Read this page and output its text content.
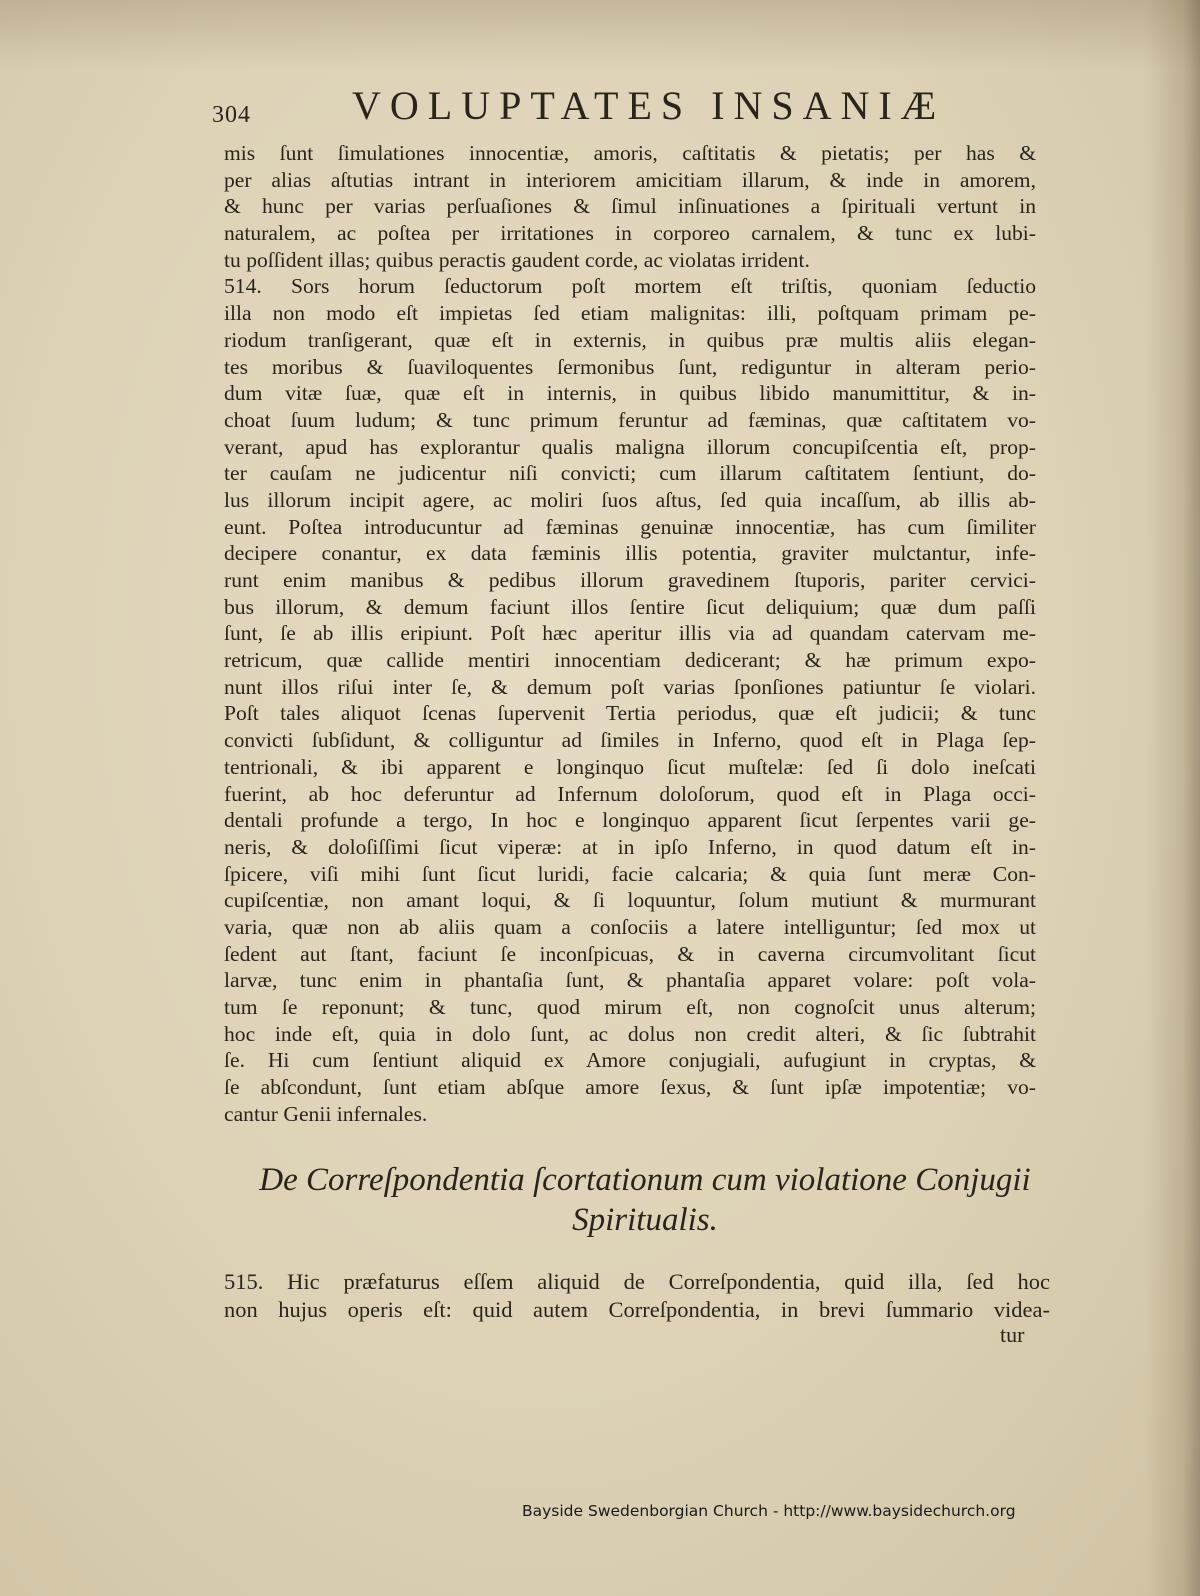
304	VOLUPTATES INSANIÆ
mis ſunt ſimulationes innocentiæ, amoris, caſtitatis & pietatis; per has &
per alias aſtutias intrant in interiorem amicitiam illarum, & inde in amorem,
& hunc per varias perſuaſiones & ſimul inſinuationes a ſpirituali vertunt in
naturalem, ac poſtea per irritationes in corporeo carnalem, & tunc ex lubi-
tu poſſident illas; quibus peractis gaudent corde, ac violatas irrident.
514. Sors horum ſeductorum poſt mortem eſt triſtis, quoniam ſeductio
illa non modo eſt impietas ſed etiam malignitas: illi, poſtquam primam pe-
riodum tranſigerant, quæ eſt in externis, in quibus præ multis aliis elegan-
tes moribus & ſuaviloquentes ſermonibus ſunt, rediguntur in alteram perio-
dum vitæ ſuæ, quæ eſt in internis, in quibus libido manumittitur, & in-
choat ſuum ludum; & tunc primum feruntur ad fæminas, quæ caſtitatem vo-
verant, apud has explorantur qualis maligna illorum concupiſcentia eſt, prop-
ter cauſam ne judicentur niſi convicti; cum illarum caſtitatem ſentiunt, do-
lus illorum incipit agere, ac moliri ſuos aſtus, ſed quia incaſſum, ab illis ab-
eunt. Poſtea introducuntur ad fæminas genuinæ innocentiæ, has cum ſimiliter
decipere conantur, ex data fæminis illis potentia, graviter mulctantur, infe-
runt enim manibus & pedibus illorum gravedinem ſtuporis, pariter cervici-
bus illorum, & demum faciunt illos ſentire ſicut deliquium; quæ dum paſſi
ſunt, ſe ab illis eripiunt. Poſt hæc aperitur illis via ad quandam catervam me-
retricum, quæ callide mentiri innocentiam dedicerant; & hæ primum expo-
nunt illos riſui inter ſe, & demum poſt varias ſponſiones patiuntur ſe violari.
Poſt tales aliquot ſcenas ſupervenit Tertia periodus, quæ eſt judicii; & tunc
convicti ſubſidunt, & colliguntur ad ſimiles in Inferno, quod eſt in Plaga ſep-
tentrionali, & ibi apparent e longinquo ſicut muſtelæ: ſed ſi dolo ineſcati
fuerint, ab hoc deferuntur ad Infernum doloſorum, quod eſt in Plaga occi-
dentali profunde a tergo, In hoc e longinquo apparent ſicut ſerpentes varii ge-
neris, & doloſiſſimi ſicut viperæ: at in ipſo Inferno, in quod datum eſt in-
ſpicere, viſi mihi ſunt ſicut luridi, facie calcaria; & quia ſunt meræ Con-
cupiſcentiæ, non amant loqui, & ſi loquuntur, ſolum mutiunt & murmurant
varia, quæ non ab aliis quam a conſociis a latere intelliguntur; ſed mox ut
ſedent aut ſtant, faciunt ſe inconſpicuas, & in caverna circumvolitant ſicut
larvæ, tunc enim in phantaſia ſunt, & phantaſia apparet volare: poſt vola-
tum ſe reponunt; & tunc, quod mirum eſt, non cognoſcit unus alterum;
hoc inde eſt, quia in dolo ſunt, ac dolus non credit alteri, & ſic ſubtrahit
ſe. Hi cum ſentiunt aliquid ex Amore conjugiali, aufugiunt in cryptas, &
ſe abſcondunt, ſunt etiam abſque amore ſexus, & ſunt ipſæ impotentiæ; vo-
cantur Genii infernales.
De Correſpondentia ſcortationum cum violatione Conjugii
Spiritualis.
515. Hic præfaturus eſſem aliquid de Correſpondentia, quid illa, ſed hoc
non hujus operis eſt: quid autem Correſpondentia, in brevi ſummario videa-
tur
Bayside Swedenborgian Church - http://www.baysidechurch.org
